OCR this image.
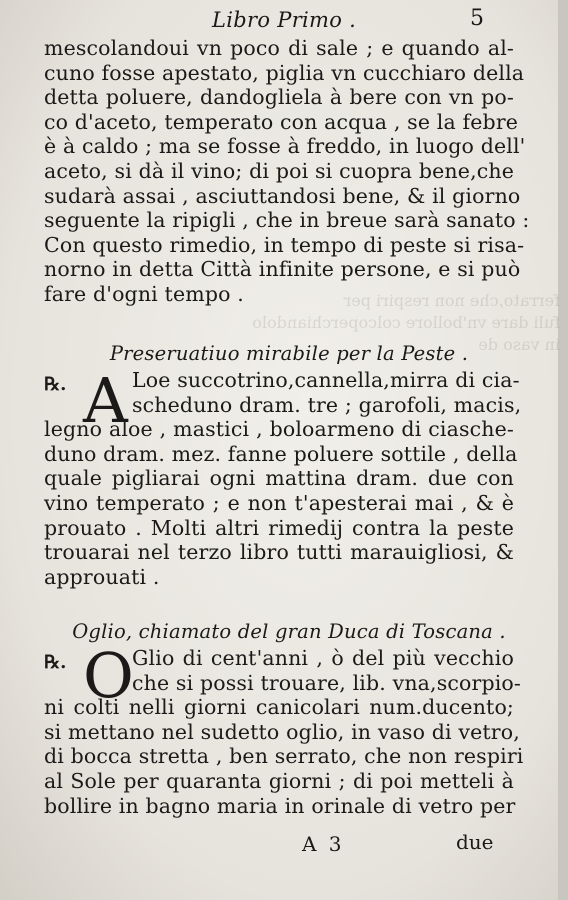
ferrato,che non respiri per
fuli dare vn'bollore colcoperchiandolo
in vaso de
Libro Primo .	5
mescolandoui vn poco di sale ; e quando al-
cuno fosse apestato, piglia vn cucchiaro della
detta poluere, dandogliela à bere con vn po-
co d'aceto, temperato con acqua , se la febre
è à caldo ; ma se fosse à freddo, in luogo dell'
aceto, si dà il vino; di poi si cuopra bene,che
sudarà assai , asciuttandosi bene, & il giorno
seguente la ripigli , che in breue sarà sanato :
Con questo rimedio, in tempo di peste si risa-
norno in detta Città infinite persone, e si può
fare d'ogni tempo .
Preseruatiuo mirabile per la Peste .
℞. A Loe succotrino,cannella,mirra di cia-
scheduno dram. tre ; garofoli, macis,
legno aloe , mastici , boloarmeno di ciasche-
duno dram. mez. fanne poluere sottile , della
quale pigliarai ogni mattina dram. due con
vino temperato ; e non t'apesterai mai , & è
prouato . Molti altri rimedij contra la peste
trouarai nel terzo libro tutti marauigliosi, &
approuati .
Oglio, chiamato del gran Duca di Toscana .
℞. O
Glio di cent'anni , ò del più vecchio
che si possi trouare, lib. vna,scorpio-
ni colti nelli giorni canicolari num.ducento;
si mettano nel sudetto oglio, in vaso di vetro,
di bocca stretta , ben serrato, che non respiri
al Sole per quaranta giorni ; di poi metteli à
bollire in bagno maria in orinale di vetro per
A 3	due
